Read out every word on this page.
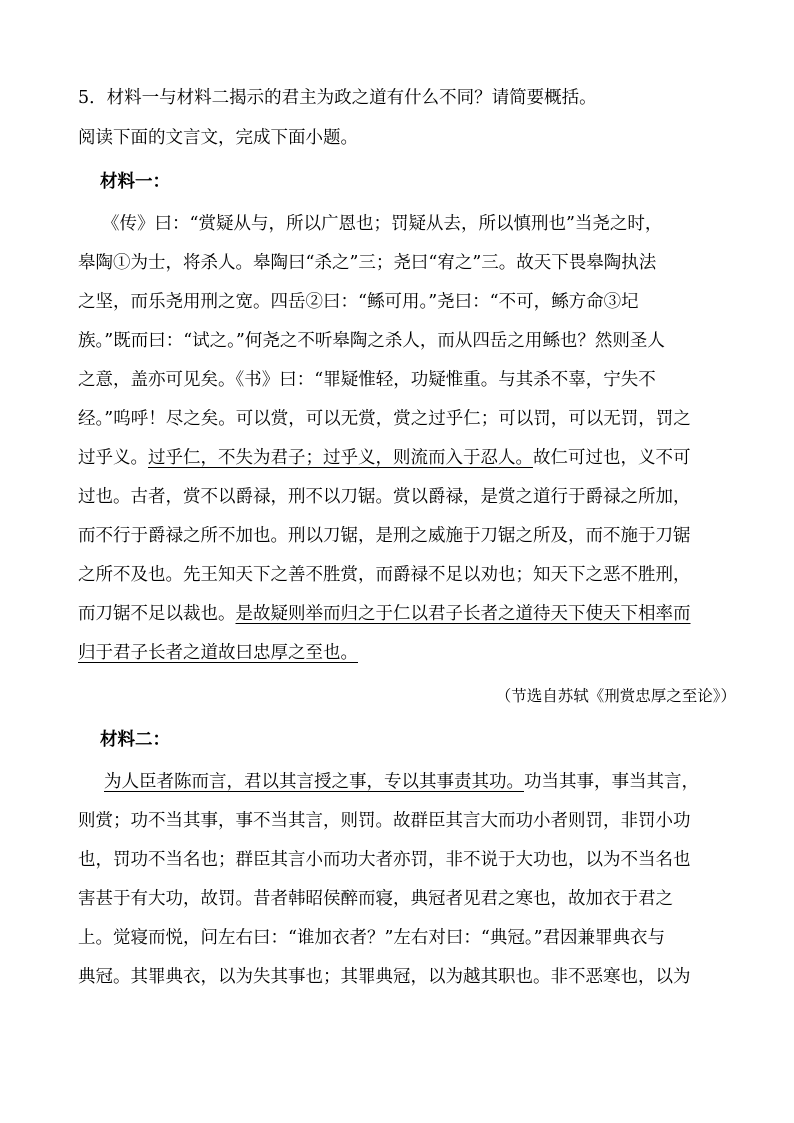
5．材料一与材料二揭示的君主为政之道有什么不同？请简要概括。
阅读下面的文言文，完成下面小题。
材料一：
《传》曰：“赏疑从与，所以广恩也；罚疑从去，所以慎刑也”当尧之时，
皋陶①为士，将杀人。皋陶曰“杀之”三；尧曰“宥之”三。故天下畏皋陶执法
之坚，而乐尧用刑之宽。四岳②曰：“鲧可用。”尧曰：“不可，鲧方命③圮
族。”既而曰：“试之。”何尧之不听皋陶之杀人，而从四岳之用鲧也？然则圣人
之意，盖亦可见矣。《书》曰：“罪疑惟轻，功疑惟重。与其杀不辜，宁失不
经。”呜呼！尽之矣。可以赏，可以无赏，赏之过乎仁；可以罚，可以无罚，罚之
过乎义。过乎仁，不失为君子；过乎义，则流而入于忍人。故仁可过也，义不可
过也。古者，赏不以爵禄，刑不以刀锯。赏以爵禄，是赏之道行于爵禄之所加，
而不行于爵禄之所不加也。刑以刀锯，是刑之威施于刀锯之所及，而不施于刀锯
之所不及也。先王知天下之善不胜赏，而爵禄不足以劝也；知天下之恶不胜刑，
而刀锯不足以裁也。是故疑则举而归之于仁以君子长者之道待天下使天下相率而
归于君子长者之道故曰忠厚之至也。
（节选自苏轼《刑赏忠厚之至论》）
材料二：
为人臣者陈而言，君以其言授之事，专以其事责其功。功当其事，事当其言，
则赏；功不当其事，事不当其言，则罚。故群臣其言大而功小者则罚，非罚小功
也，罚功不当名也；群臣其言小而功大者亦罚，非不说于大功也，以为不当名也
害甚于有大功，故罚。昔者韩昭侯醉而寝，典冠者见君之寒也，故加衣于君之
上。觉寝而悦，问左右曰：“谁加衣者？”左右对曰：“典冠。”君因兼罪典衣与
典冠。其罪典衣，以为失其事也；其罪典冠，以为越其职也。非不恶寒也，以为
